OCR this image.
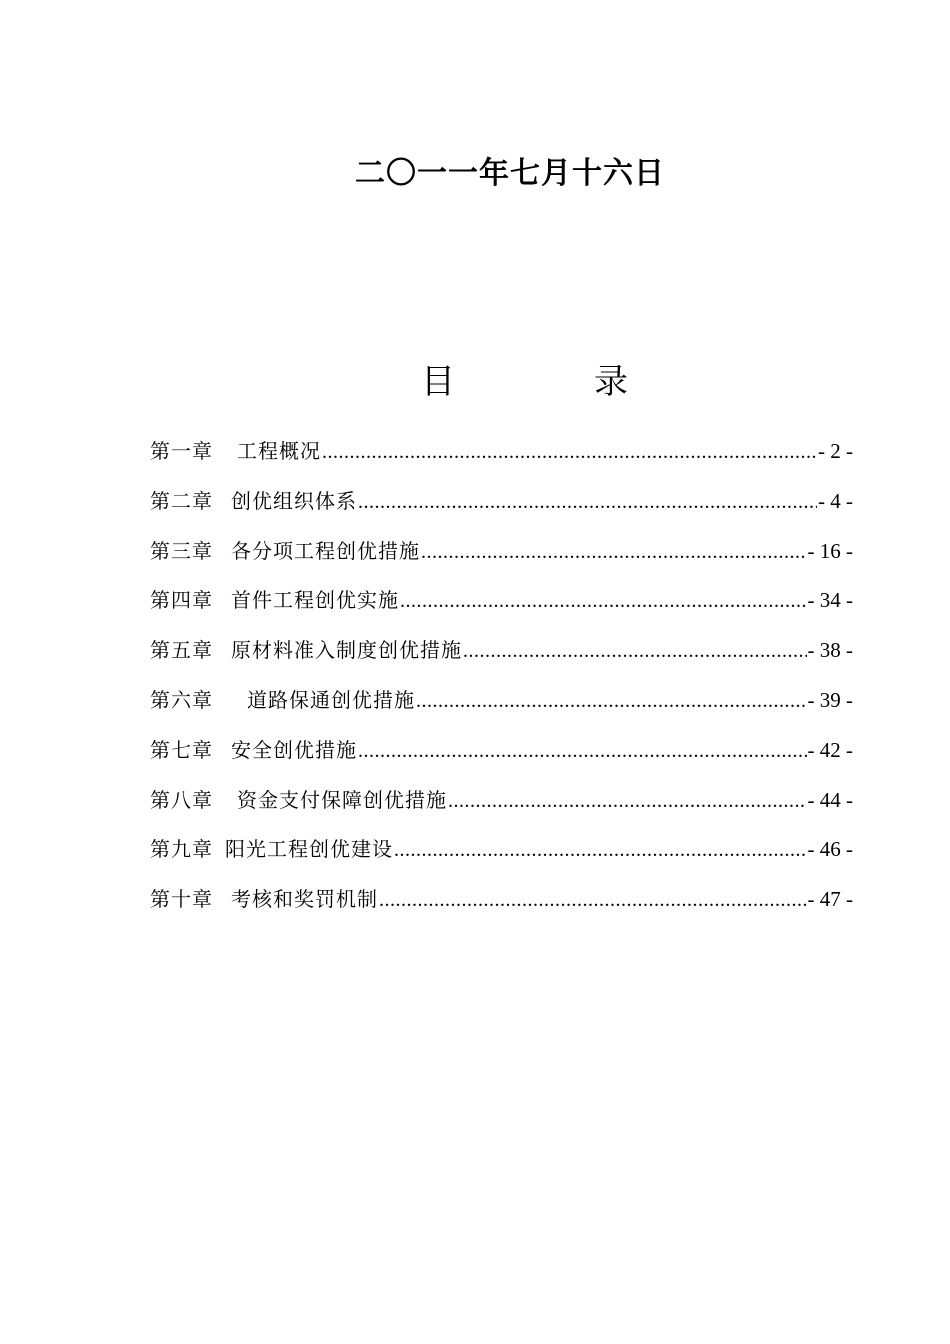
二〇一一年七月十六日
目	录
第一章 工程概况 .....	- 2 -
第二章 创优组织体系 .....	- 4 -
第三章 各分项工程创优措施 .....	- 16 -
第四章 首件工程创优实施 .....	- 34 -
第五章 原材料准入制度创优措施 .....	- 38 -
第六章 道路保通创优措施 .....	- 39 -
第七章 安全创优措施 .....	- 42 -
第八章 资金支付保障创优措施 .....	- 44 -
第九章 阳光工程创优建设 .....	- 46 -
第十章 考核和奖罚机制 .....	- 47 -
